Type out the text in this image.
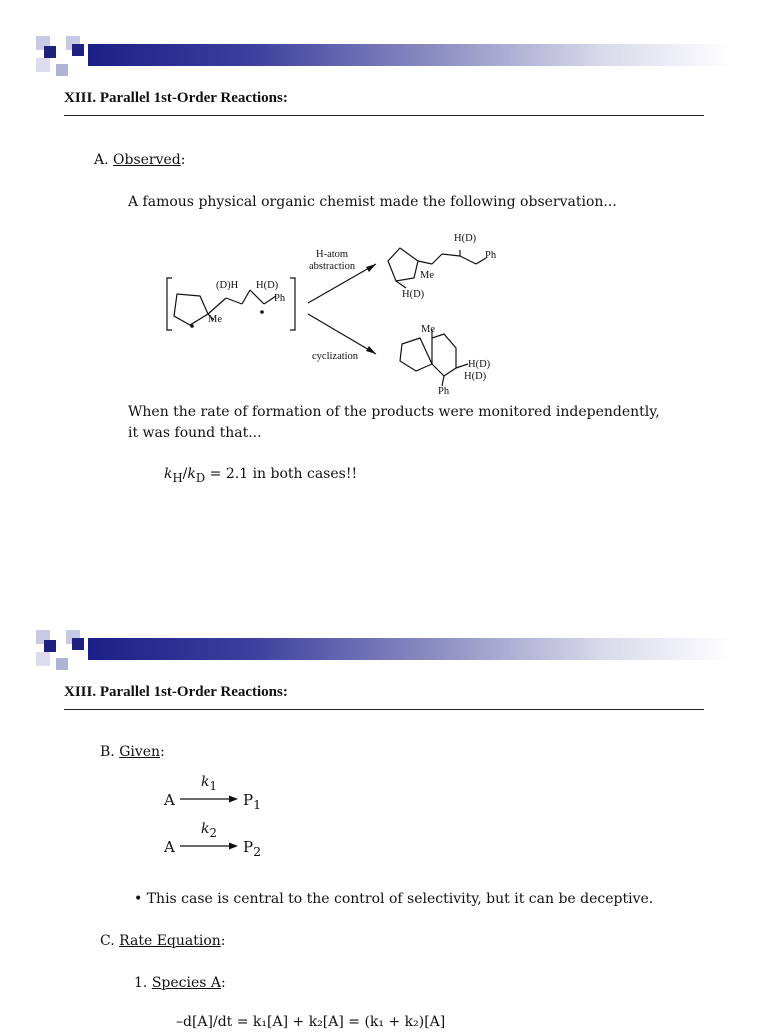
XIII. Parallel 1st-Order Reactions:
A. Observed:
A famous physical organic chemist made the following observation...
(D)H H(D)
Ph
Me
H-atom
abstraction
cyclization
H(D)
Ph
Me
H(D)
Me
H(D)
H(D)
Ph
When the rate of formation of the products were monitored independently,
it was found that...
$k_H/k_D = 2.1$ in both cases!!
XIII. Parallel 1st-Order Reactions:
B. Given:
A
$k_1$
→ $P_1$
A
$k_2$
→ $P_2$
• This case is central to the control of selectivity, but it can be deceptive.
C. Rate Equation:
1. Species A:
–d[A]/dt = k₁[A] + k₂[A] = (k₁ + k₂)[A]
